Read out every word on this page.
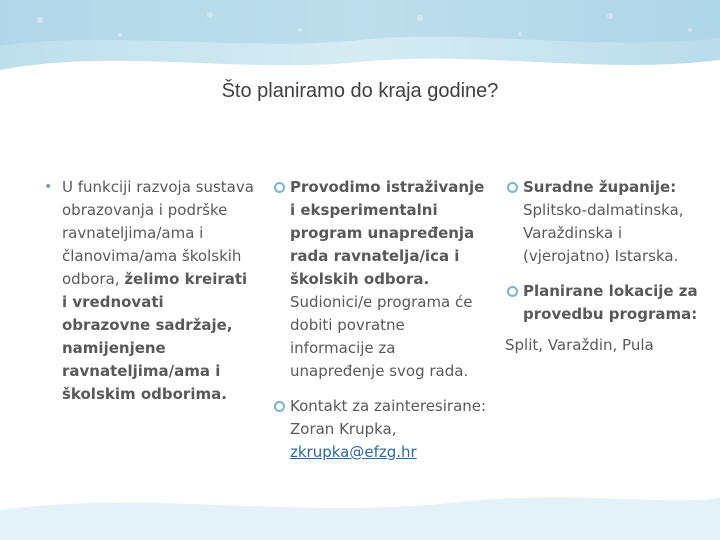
Što planiramo do kraja godine?
• U funkciji razvoja sustava obrazovanja i podrške ravnateljima/ama i članovima/ama školskih odbora, želimo kreirati i vrednovati obrazovne sadržaje, namijenjene ravnateljima/ama i školskim odborima.
Provodimo istraživanje i eksperimentalni program unapređenja rada ravnatelja/ica i školskih odbora. Sudionici/e programa će dobiti povratne informacije za unapređenje svog rada.
Kontakt za zainteresirane: Zoran Krupka, zkrupka@efzg.hr
Suradne županije: Splitsko-dalmatinska, Varaždinska i (vjerojatno) Istarska.
Planirane lokacije za provedbu programa:
Split, Varaždin, Pula
